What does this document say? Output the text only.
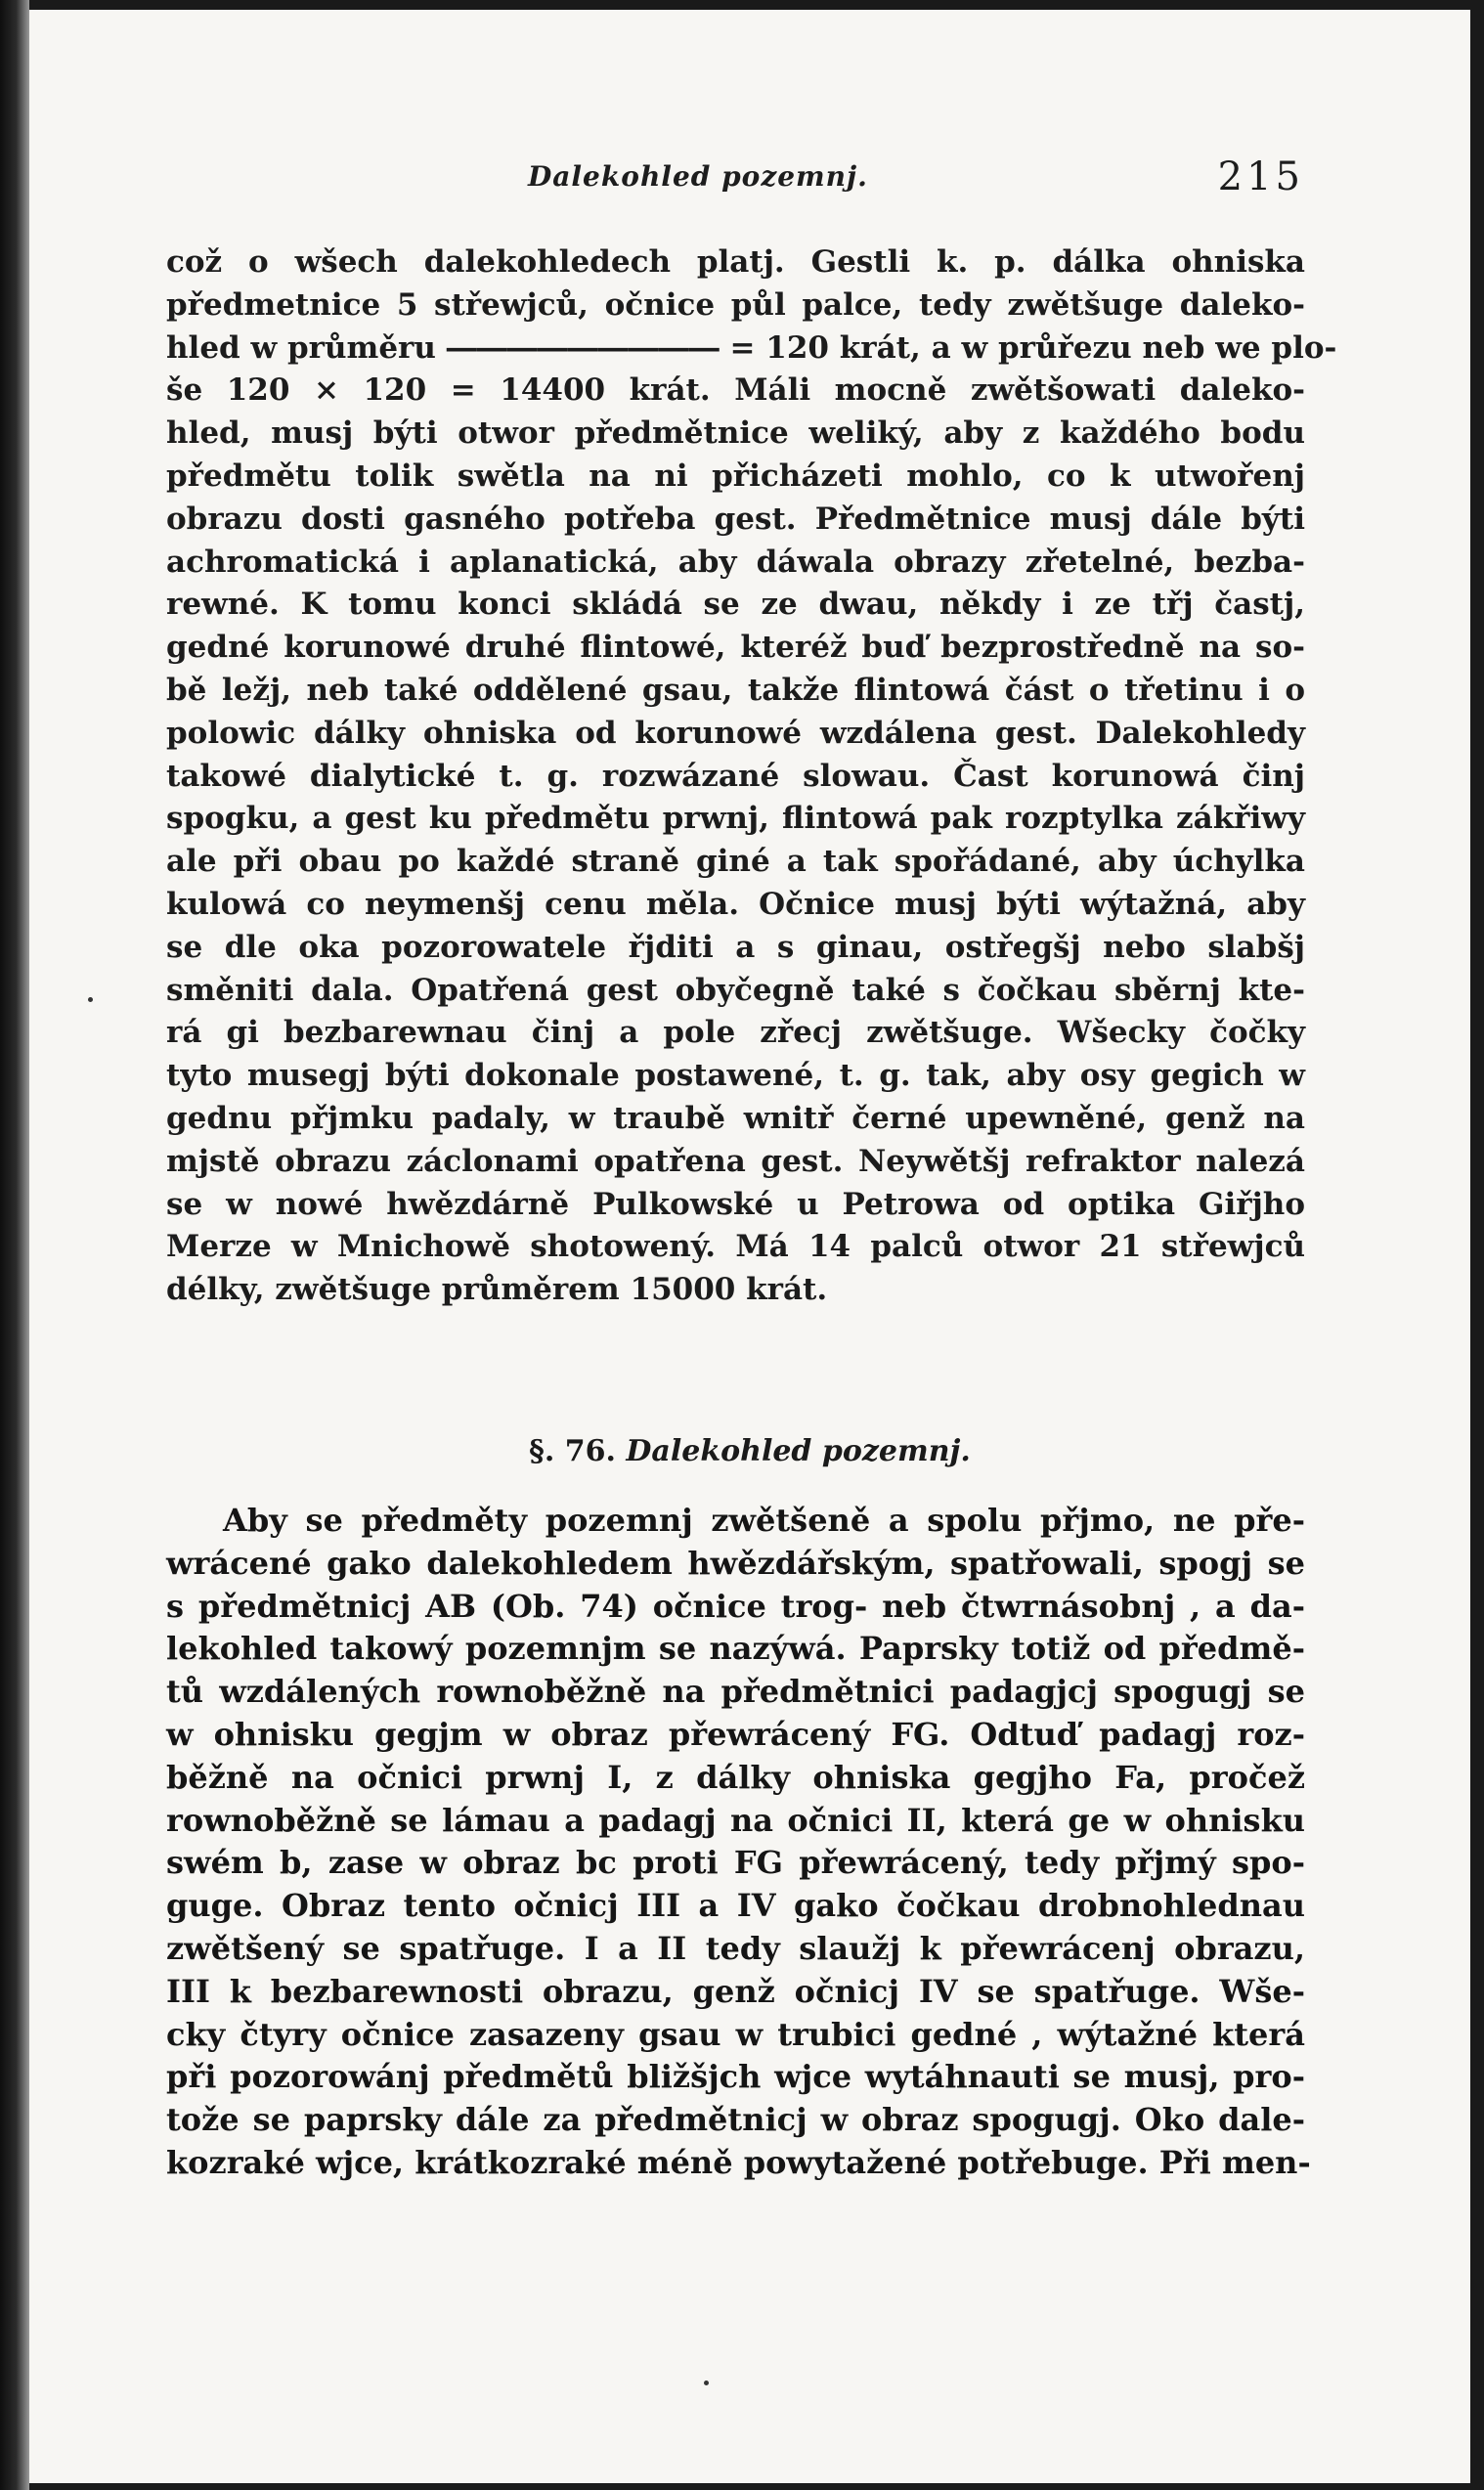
Dalekohled pozemnj.	215
což o wšech dalekohledech platj. Gestli k. p. dálka ohniska
předmetnice 5 střewjců, očnice půl palce, tedy zwětšuge daleko-
hled w průměru ――――――――― = 120 krát, a w průřezu neb we plo-
še 120 × 120 = 14400 krát. Máli mocně zwětšowati daleko-
hled, musj býti otwor předmětnice weliký, aby z každého bodu
předmětu tolik swětla na ni přicházeti mohlo, co k utwořenj
obrazu dosti gasného potřeba gest. Předmětnice musj dále býti
achromatická i aplanatická, aby dáwala obrazy zřetelné, bezba-
rewné. K tomu konci skládá se ze dwau, někdy i ze třj častj,
gedné korunowé druhé flintowé, kteréž buď bezprostředně na so-
bě ležj, neb také oddělené gsau, takže flintowá část o třetinu i o
polowic dálky ohniska od korunowé wzdálena gest. Dalekohledy
takowé dialytické t. g. rozwázané slowau. Čast korunowá činj
spogku, a gest ku předmětu prwnj, flintowá pak rozptylka zákřiwy
ale při obau po každé straně giné a tak spořádané, aby úchylka
kulowá co neymenšj cenu měla. Očnice musj býti wýtažná, aby
se dle oka pozorowatele řjditi a s ginau, ostřegšj nebo slabšj
směniti dala. Opatřená gest obyčegně také s čočkau sběrnj kte-
rá gi bezbarewnau činj a pole zřecj zwětšuge. Wšecky čočky
tyto musegj býti dokonale postawené, t. g. tak, aby osy gegich w
gednu přjmku padaly, w traubě wnitř černé upewněné, genž na
mjstě obrazu záclonami opatřena gest. Neywětšj refraktor nalezá
se w nowé hwězdárně Pulkowské u Petrowa od optika Giřjho
Merze w Mnichowě shotowený. Má 14 palců otwor 21 střewjců
délky, zwětšuge průměrem 15000 krát.
§. 76. Dalekohled pozemnj.
Aby se předměty pozemnj zwětšeně a spolu přjmo, ne pře-
wrácené gako dalekohledem hwězdářským, spatřowali, spogj se
s předmětnicj AB (Ob. 74) očnice trog- neb čtwrnásobnj , a da-
lekohled takowý pozemnjm se nazýwá. Paprsky totiž od předmě-
tů wzdálených rownoběžně na předmětnici padagjcj spogugj se
w ohnisku gegjm w obraz přewrácený FG. Odtuď padagj roz-
běžně na očnici prwnj I, z dálky ohniska gegjho Fa, pročež
rownoběžně se lámau a padagj na očnici II, která ge w ohnisku
swém b, zase w obraz bc proti FG přewrácený, tedy přjmý spo-
guge. Obraz tento očnicj III a IV gako čočkau drobnohlednau
zwětšený se spatřuge. I a II tedy slaužj k přewrácenj obrazu,
III k bezbarewnosti obrazu, genž očnicj IV se spatřuge. Wše-
cky čtyry očnice zasazeny gsau w trubici gedné , wýtažné která
při pozorowánj předmětů bližšjch wjce wytáhnauti se musj, pro-
tože se paprsky dále za předmětnicj w obraz spogugj. Oko dale-
kozraké wjce, krátkozraké méně powytažené potřebuge. Při men-
